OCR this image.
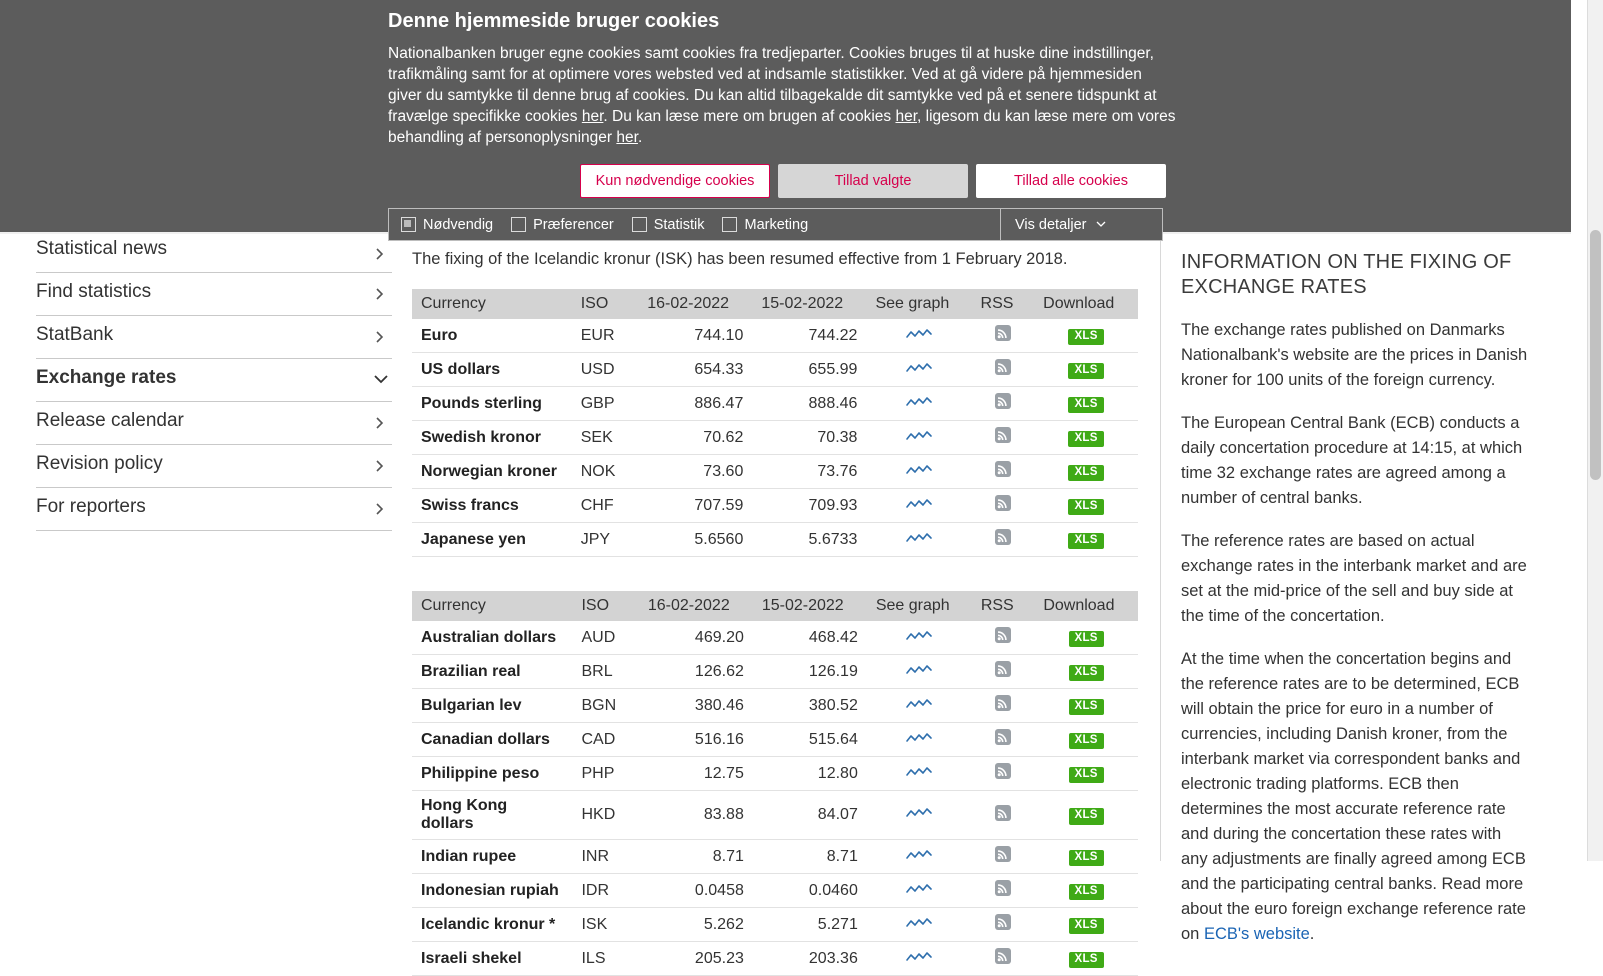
Statistical news
Find statistics
StatBank
Exchange rates
Release calendar
Revision policy
For reporters
The fixing of the Icelandic kronur (ISK) has been resumed effective from 1 February 2018.
Currency	ISO	16-02-2022	15-02-2022	See graph	RSS	Download
Euro	EUR	744.10	744.22			XLS
US dollars	USD	654.33	655.99			XLS
Pounds sterling	GBP	886.47	888.46			XLS
Swedish kronor	SEK	70.62	70.38			XLS
Norwegian kroner	NOK	73.60	73.76			XLS
Swiss francs	CHF	707.59	709.93			XLS
Japanese yen	JPY	5.6560	5.6733			XLS
Currency	ISO	16-02-2022	15-02-2022	See graph	RSS	Download
Australian dollars	AUD	469.20	468.42			XLS
Brazilian real	BRL	126.62	126.19			XLS
Bulgarian lev	BGN	380.46	380.52			XLS
Canadian dollars	CAD	516.16	515.64			XLS
Philippine peso	PHP	12.75	12.80			XLS
Hong Kong dollars	HKD	83.88	84.07			XLS
Indian rupee	INR	8.71	8.71			XLS
Indonesian rupiah	IDR	0.0458	0.0460			XLS
Icelandic kronur *	ISK	5.262	5.271			XLS
Israeli shekel	ILS	205.23	203.36			XLS
INFORMATION ON THE FIXING OF EXCHANGE RATES

The exchange rates published on Danmarks Nationalbank's website are the prices in Danish kroner for 100 units of the foreign currency.

The European Central Bank (ECB) conducts a daily concertation procedure at 14:15, at which time 32 exchange rates are agreed among a number of central banks.

The reference rates are based on actual exchange rates in the interbank market and are set at the mid-price of the sell and buy side at the time of the concertation.

At the time when the concertation begins and the reference rates are to be determined, ECB will obtain the price for euro in a number of currencies, including Danish kroner, from the interbank market via correspondent banks and electronic trading platforms. ECB then determines the most accurate reference rate and during the concertation these rates with any adjustments are finally agreed among ECB and the participating central banks. Read more about the euro foreign exchange reference rate on ECB's website.

Denne hjemmeside bruger cookies
Nationalbanken bruger egne cookies samt cookies fra tredjeparter. Cookies bruges til at huske dine indstillinger, trafikmåling samt for at optimere vores websted ved at indsamle statistikker. Ved at gå videre på hjemmesiden giver du samtykke til denne brug af cookies. Du kan altid tilbagekalde dit samtykke ved på et senere tidspunkt at fravælge specifikke cookies her. Du kan læse mere om brugen af cookies her, ligesom du kan læse mere om vores behandling af personoplysninger her.
Kun nødvendige cookies	Tillad valgte	Tillad alle cookies
Nødvendig	Præferencer	Statistik	Marketing	Vis detaljer
